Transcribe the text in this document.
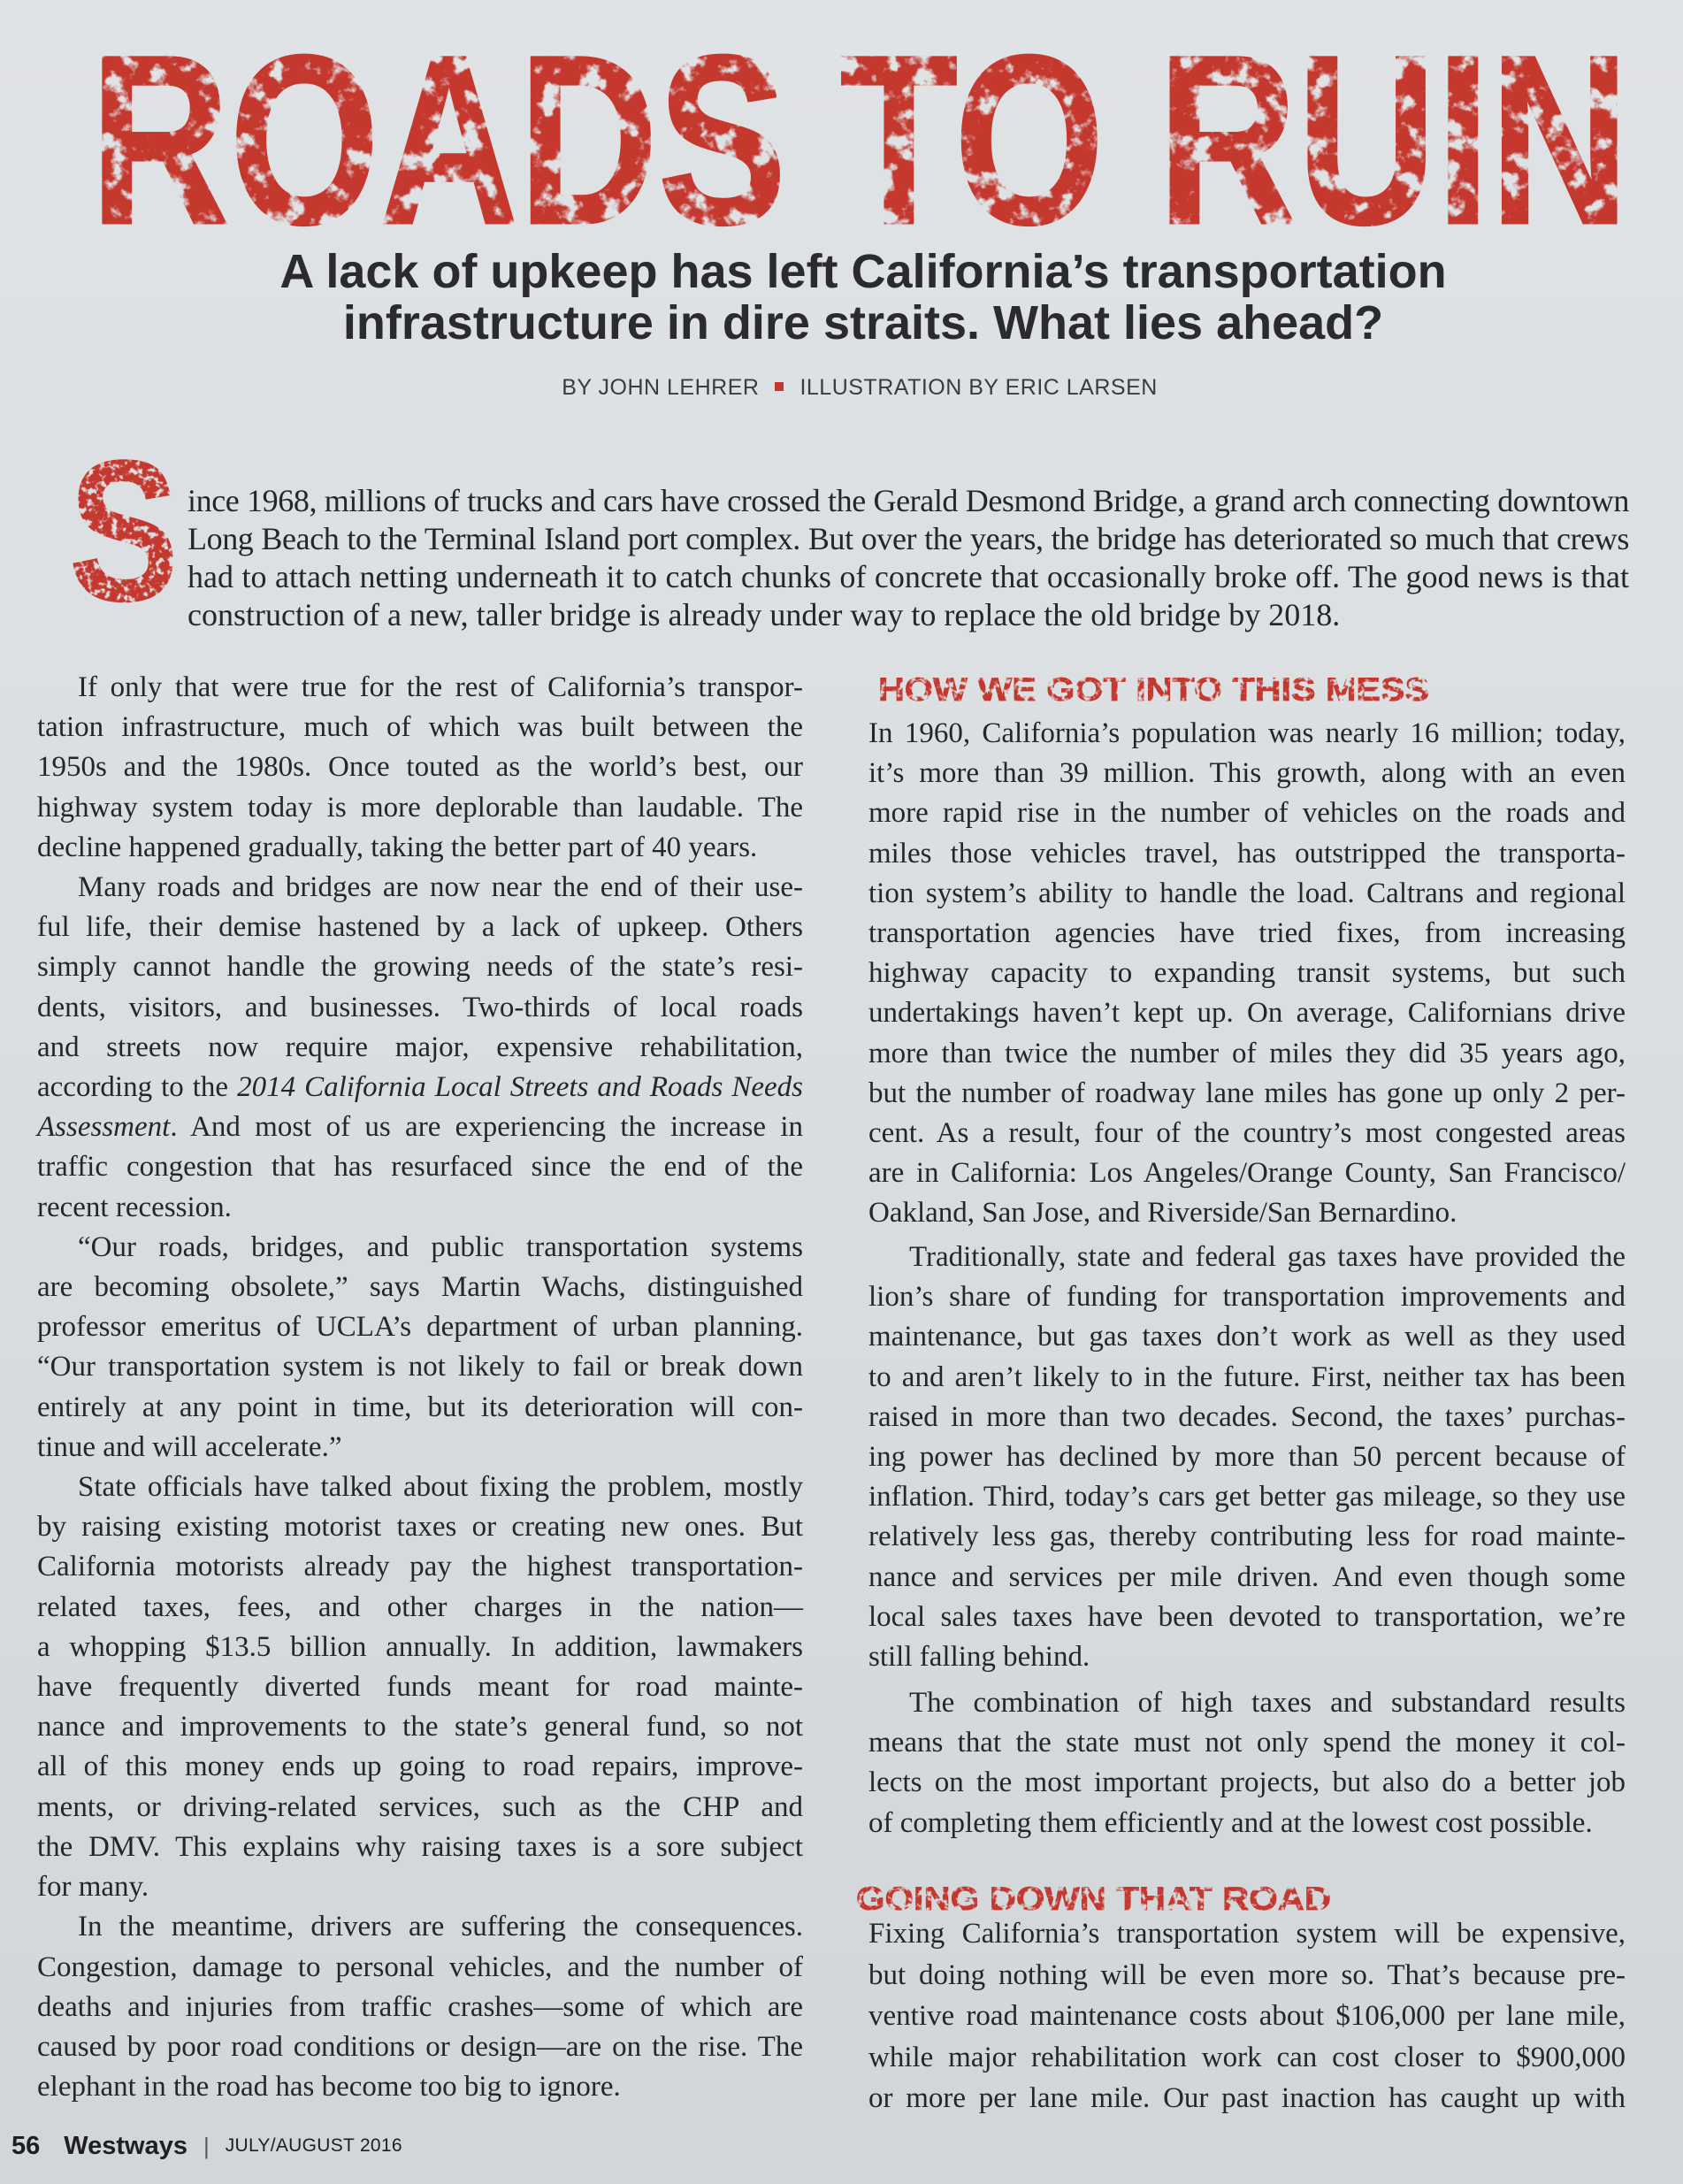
ROADS TO RUIN
A lack of upkeep has left California’s transportation
infrastructure in dire straits. What lies ahead?
BY JOHN LEHRER ILLUSTRATION BY ERIC LARSEN
S ince 1968, millions of trucks and cars have crossed the Gerald Desmond Bridge, a grand arch connecting downtown
Long Beach to the Terminal Island port complex. But over the years, the bridge has deteriorated so much that crews
had to attach netting underneath it to catch chunks of concrete that occasionally broke off. The good news is that
construction of a new, taller bridge is already under way to replace the old bridge by 2018.
If only that were true for the rest of California’s transpor-
tation infrastructure, much of which was built between the
1950s and the 1980s. Once touted as the world’s best, our
highway system today is more deplorable than laudable. The
decline happened gradually, taking the better part of 40 years.
Many roads and bridges are now near the end of their use-
ful life, their demise hastened by a lack of upkeep. Others
simply cannot handle the growing needs of the state’s resi-
dents, visitors, and businesses. Two-thirds of local roads
and streets now require major, expensive rehabilitation,
according to the 2014 California Local Streets and Roads Needs
Assessment. And most of us are experiencing the increase in
traffic congestion that has resurfaced since the end of the
recent recession.
“Our roads, bridges, and public transportation systems
are becoming obsolete,” says Martin Wachs, distinguished
professor emeritus of UCLA’s department of urban planning.
“Our transportation system is not likely to fail or break down
entirely at any point in time, but its deterioration will con-
tinue and will accelerate.”
State officials have talked about fixing the problem, mostly
by raising existing motorist taxes or creating new ones. But
California motorists already pay the highest transportation-
related taxes, fees, and other charges in the nation—
a whopping $13.5 billion annually. In addition, lawmakers
have frequently diverted funds meant for road mainte-
nance and improvements to the state’s general fund, so not
all of this money ends up going to road repairs, improve-
ments, or driving-related services, such as the CHP and
the DMV. This explains why raising taxes is a sore subject
for many.
In the meantime, drivers are suffering the consequences.
Congestion, damage to personal vehicles, and the number of
deaths and injuries from traffic crashes—some of which are
caused by poor road conditions or design—are on the rise. The
elephant in the road has become too big to ignore.
HOW WE GOT INTO THIS MESS
In 1960, California’s population was nearly 16 million; today,
it’s more than 39 million. This growth, along with an even
more rapid rise in the number of vehicles on the roads and
miles those vehicles travel, has outstripped the transporta-
tion system’s ability to handle the load. Caltrans and regional
transportation agencies have tried fixes, from increasing
highway capacity to expanding transit systems, but such
undertakings haven’t kept up. On average, Californians drive
more than twice the number of miles they did 35 years ago,
but the number of roadway lane miles has gone up only 2 per-
cent. As a result, four of the country’s most congested areas
are in California: Los Angeles/Orange County, San Francisco/
Oakland, San Jose, and Riverside/San Bernardino.
Traditionally, state and federal gas taxes have provided the
lion’s share of funding for transportation improvements and
maintenance, but gas taxes don’t work as well as they used
to and aren’t likely to in the future. First, neither tax has been
raised in more than two decades. Second, the taxes’ purchas-
ing power has declined by more than 50 percent because of
inflation. Third, today’s cars get better gas mileage, so they use
relatively less gas, thereby contributing less for road mainte-
nance and services per mile driven. And even though some
local sales taxes have been devoted to transportation, we’re
still falling behind.
The combination of high taxes and substandard results
means that the state must not only spend the money it col-
lects on the most important projects, but also do a better job
of completing them efficiently and at the lowest cost possible.
GOING DOWN THAT ROAD
Fixing California’s transportation system will be expensive,
but doing nothing will be even more so. That’s because pre-
ventive road maintenance costs about $106,000 per lane mile,
while major rehabilitation work can cost closer to $900,000
or more per lane mile. Our past inaction has caught up with
56 Westways | JULY/AUGUST 2016
